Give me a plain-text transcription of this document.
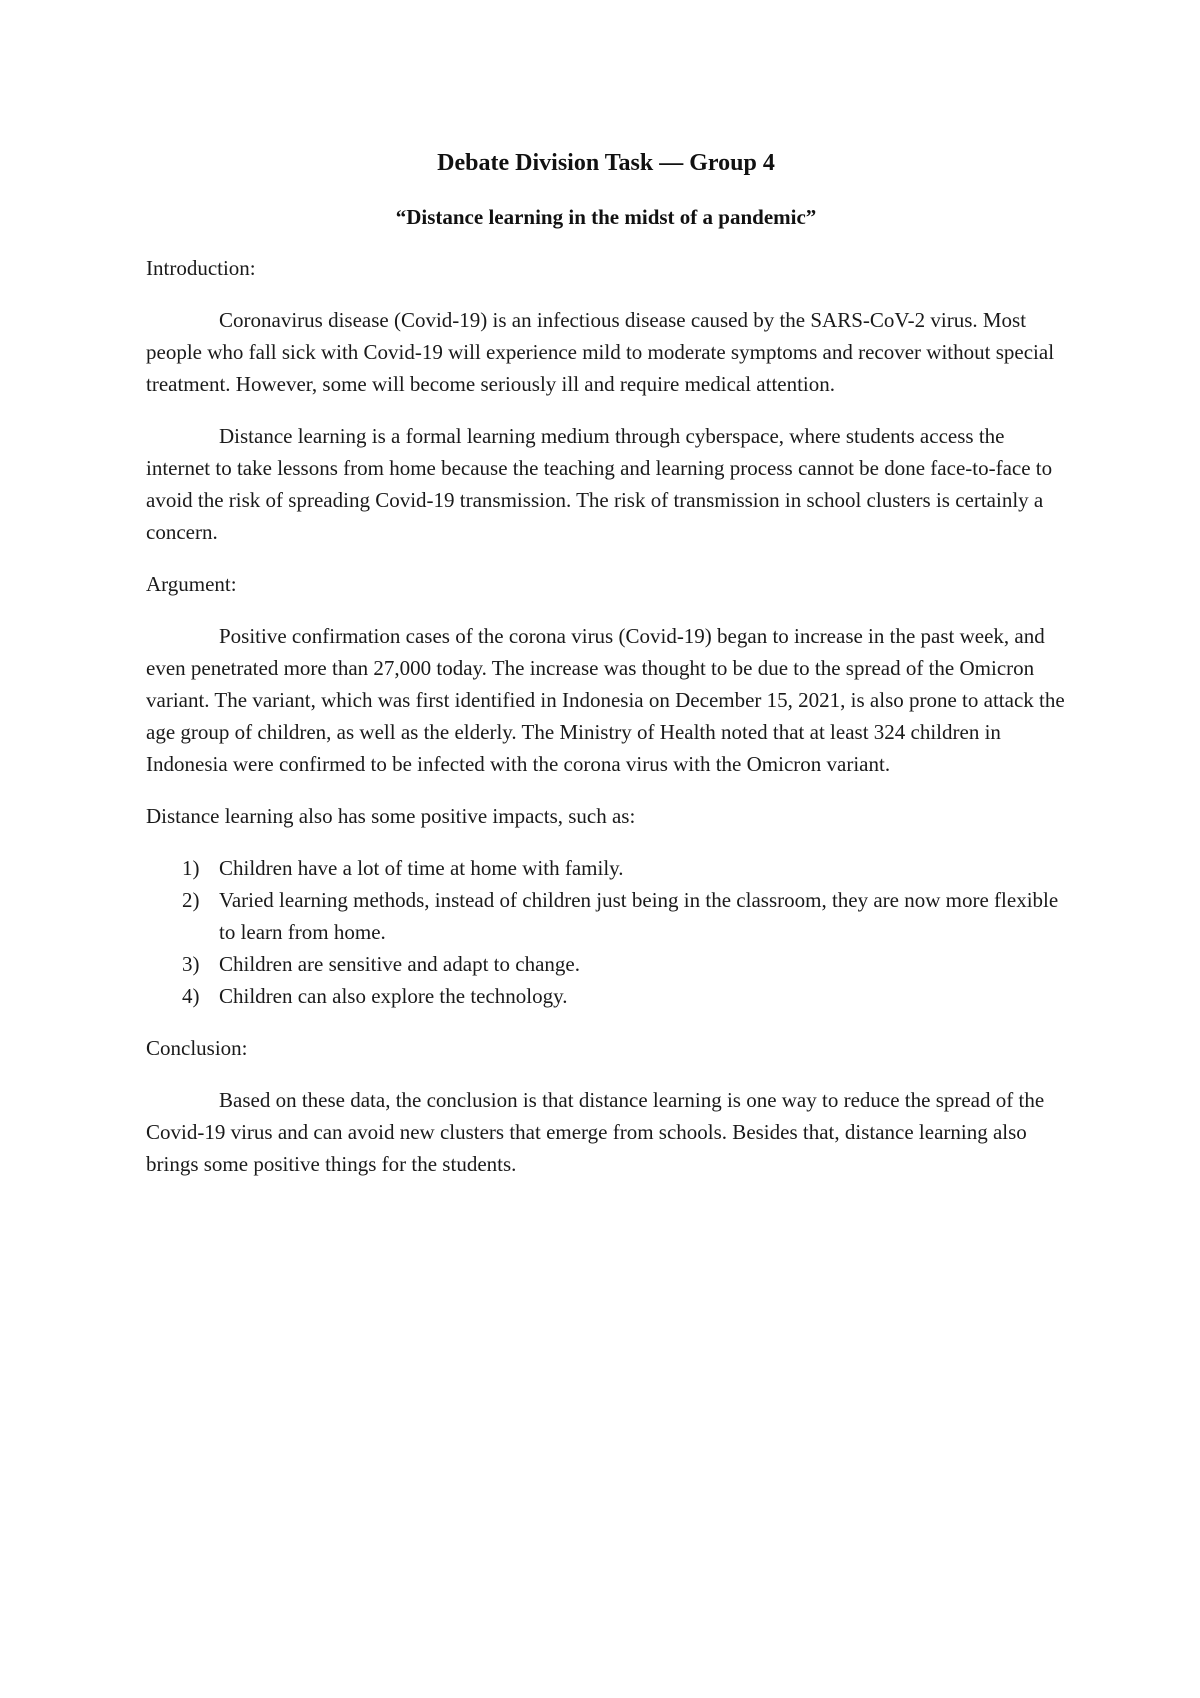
Debate Division Task — Group 4
“Distance learning in the midst of a pandemic”
Introduction:

Coronavirus disease (Covid-19) is an infectious disease caused by the SARS-CoV-2 virus. Most people who fall sick with Covid-19 will experience mild to moderate symptoms and recover without special treatment. However, some will become seriously ill and require medical attention.

Distance learning is a formal learning medium through cyberspace, where students access the internet to take lessons from home because the teaching and learning process cannot be done face-to-face to avoid the risk of spreading Covid-19 transmission. The risk of transmission in school clusters is certainly a concern.

Argument:

Positive confirmation cases of the corona virus (Covid-19) began to increase in the past week, and even penetrated more than 27,000 today. The increase was thought to be due to the spread of the Omicron variant. The variant, which was first identified in Indonesia on December 15, 2021, is also prone to attack the age group of children, as well as the elderly. The Ministry of Health noted that at least 324 children in Indonesia were confirmed to be infected with the corona virus with the Omicron variant.

Distance learning also has some positive impacts, such as:
1) Children have a lot of time at home with family.
2) Varied learning methods, instead of children just being in the classroom, they are now more flexible to learn from home.
3) Children are sensitive and adapt to change.
4) Children can also explore the technology.
Conclusion:

Based on these data, the conclusion is that distance learning is one way to reduce the spread of the Covid-19 virus and can avoid new clusters that emerge from schools. Besides that, distance learning also brings some positive things for the students.
